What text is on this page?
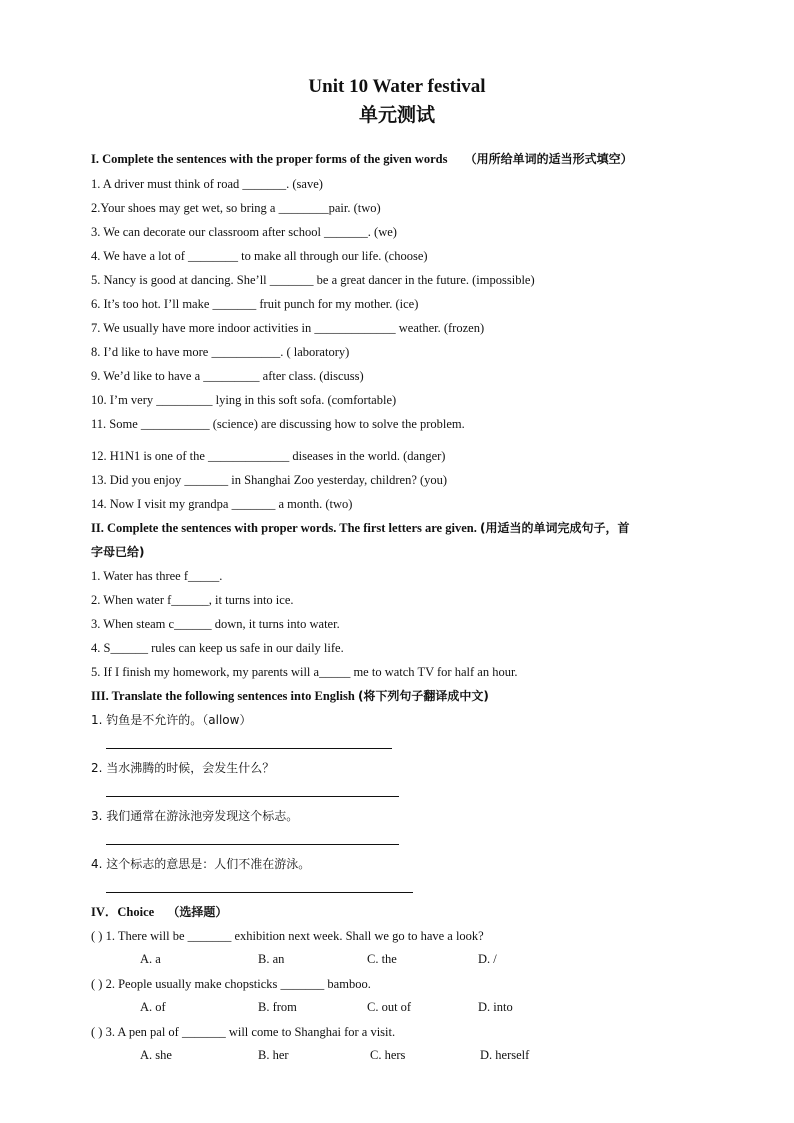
Unit 10 Water festival
单元测试
I. Complete the sentences with the proper forms of the given words （用所给单词的适当形式填空）
1. A driver must think of road _______. (save)
2.Your shoes may get wet, so bring a ________pair. (two)
3. We can decorate our classroom after school _______. (we)
4. We have a lot of ________ to make all through our life. (choose)
5. Nancy is good at dancing. She’ll _______ be a great dancer in the future. (impossible)
6. It’s too hot. I’ll make _______ fruit punch for my mother. (ice)
7. We usually have more indoor activities in _____________ weather. (frozen)
8. I’d like to have more ___________. ( laboratory)
9. We’d like to have a _________ after class. (discuss)
10. I’m very _________ lying in this soft sofa. (comfortable)
11. Some ___________ (science) are discussing how to solve the problem.
12. H1N1 is one of the _____________ diseases in the world. (danger)
13. Did you enjoy _______ in Shanghai Zoo yesterday, children? (you)
14. Now I visit my grandpa _______ a month. (two)
II. Complete the sentences with proper words. The first letters are given. (用适当的单词完成句子，首
字母已给)
1. Water has three f_____.
2. When water f______, it turns into ice.
3. When steam c______ down, it turns into water.
4. S______ rules can keep us safe in our daily life.
5. If I finish my homework, my parents will a_____ me to watch TV for half an hour.
III. Translate the following sentences into English (将下列句子翻译成中文)
1. 钓鱼是不允许的。（allow）
2. 当水沸腾的时候，会发生什么？
3. 我们通常在游泳池旁发现这个标志。
4. 这个标志的意思是：人们不准在游泳。
IV．Choice （选择题）
( ) 1. There will be _______ exhibition next week. Shall we go to have a look?
A. a	B. an	C. the	D. /
( ) 2. People usually make chopsticks _______ bamboo.
A. of	B. from	C. out of	D. into
( ) 3. A pen pal of _______ will come to Shanghai for a visit.
A. she	B. her	C. hers	D. herself
